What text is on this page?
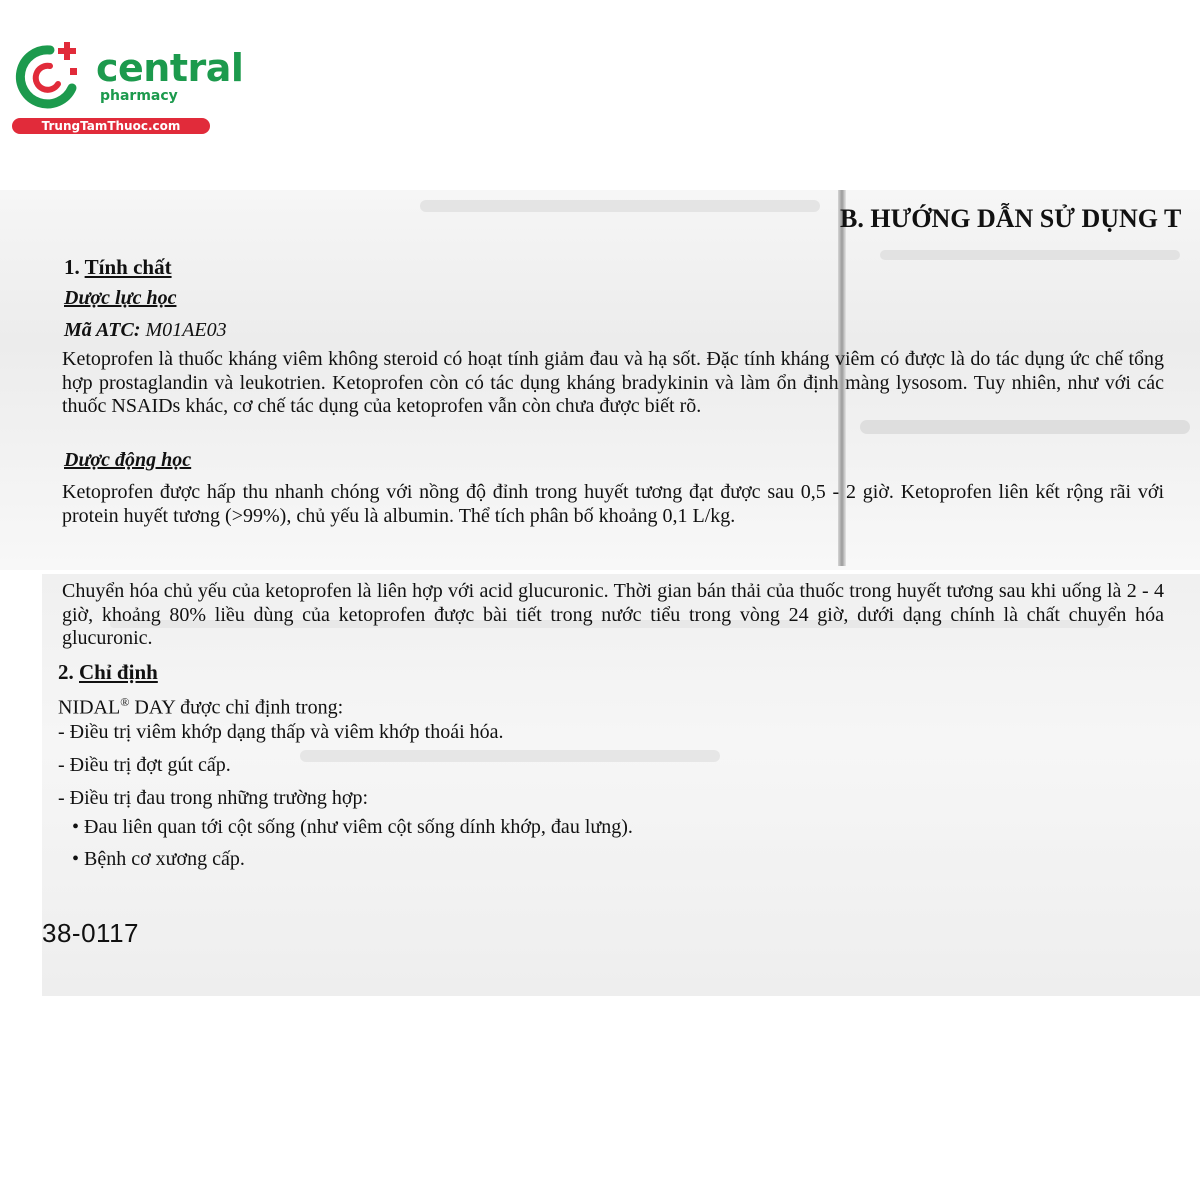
central
pharmacy
TrungTamThuoc.com
B. HƯỚNG DẪN SỬ DỤNG T
1. Tính chất
Dược lực học
Mã ATC: M01AE03
Ketoprofen là thuốc kháng viêm không steroid có hoạt tính giảm đau và hạ sốt. Đặc tính kháng viêm có được là do tác dụng ức chế tổng hợp prostaglandin và leukotrien. Ketoprofen còn có tác dụng kháng bradykinin và làm ổn định màng lysosom. Tuy nhiên, như với các thuốc NSAIDs khác, cơ chế tác dụng của ketoprofen vẫn còn chưa được biết rõ.
Dược động học
Ketoprofen được hấp thu nhanh chóng với nồng độ đỉnh trong huyết tương đạt được sau 0,5 - 2 giờ. Ketoprofen liên kết rộng rãi với protein huyết tương (>99%), chủ yếu là albumin. Thể tích phân bố khoảng 0,1 L/kg.
Chuyển hóa chủ yếu của ketoprofen là liên hợp với acid glucuronic. Thời gian bán thải của thuốc trong huyết tương sau khi uống là 2 - 4 giờ, khoảng 80% liều dùng của ketoprofen được bài tiết trong nước tiểu trong vòng 24 giờ, dưới dạng chính là chất chuyển hóa glucuronic.
2. Chỉ định
NIDAL® DAY được chỉ định trong:
- Điều trị viêm khớp dạng thấp và viêm khớp thoái hóa.
- Điều trị đợt gút cấp.
- Điều trị đau trong những trường hợp:
• Đau liên quan tới cột sống (như viêm cột sống dính khớp, đau lưng).
• Bệnh cơ xương cấp.
38-0117
